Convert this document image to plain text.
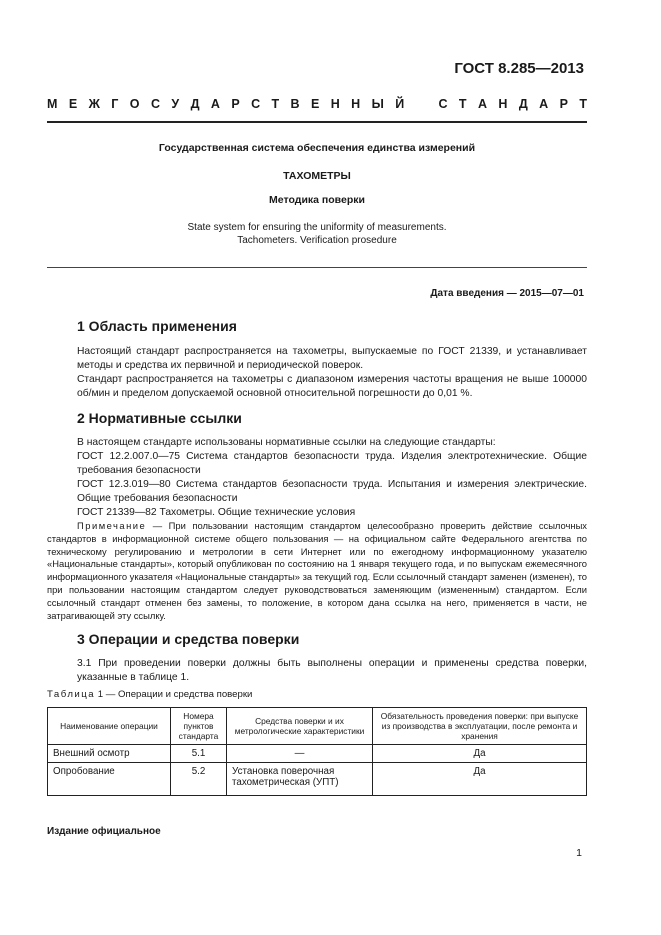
ГОСТ 8.285—2013
М Е Ж Г О С У Д А Р С Т В Е Н Н Ы Й	С Т А Н Д А Р Т
Государственная система обеспечения единства измерений
ТАХОМЕТРЫ
Методика поверки
State system for ensuring the uniformity of measurements.
Tachometers. Verification prosedure
Дата введения — 2015—07—01
1 Область применения
Настоящий стандарт распространяется на тахометры, выпускаемые по ГОСТ 21339, и устанавливает методы и средства их первичной и периодической поверок.
Стандарт распространяется на тахометры с диапазоном измерения частоты вращения не выше 100000 об/мин и пределом допускаемой основной относительной погрешности до 0,01 %.
2 Нормативные ссылки
В настоящем стандарте использованы нормативные ссылки на следующие стандарты:
ГОСТ 12.2.007.0—75 Система стандартов безопасности труда. Изделия электротехнические. Общие требования безопасности
ГОСТ 12.3.019—80 Система стандартов безопасности труда. Испытания и измерения электрические. Общие требования безопасности
ГОСТ 21339—82 Тахометры. Общие технические условия
Примечание — При пользовании настоящим стандартом целесообразно проверить действие ссылочных стандартов в информационной системе общего пользования — на официальном сайте Федерального агентства по техническому регулированию и метрологии в сети Интернет или по ежегодному информационному указателю «Национальные стандарты», который опубликован по состоянию на 1 января текущего года, и по выпускам ежемесячного информационного указателя «Национальные стандарты» за текущий год. Если ссылочный стандарт заменен (изменен), то при пользовании настоящим стандартом следует руководствоваться заменяющим (измененным) стандартом. Если ссылочный стандарт отменен без замены, то положение, в котором дана ссылка на него, применяется в части, не затрагивающей эту ссылку.
3 Операции и средства поверки
3.1 При проведении поверки должны быть выполнены операции и применены средства поверки, указанные в таблице 1.
Таблица 1 — Операции и средства поверки
Наименование операции	Номера пунктов стандарта	Средства поверки и их метрологические характеристики	Обязательность проведения поверки: при выпуске из производства в эксплуатации, после ремонта и хранения
Внешний осмотр	5.1	—	Да
Опробование	5.2	Установка поверочная тахометрическая (УПТ)	Да
Издание официальное
1
